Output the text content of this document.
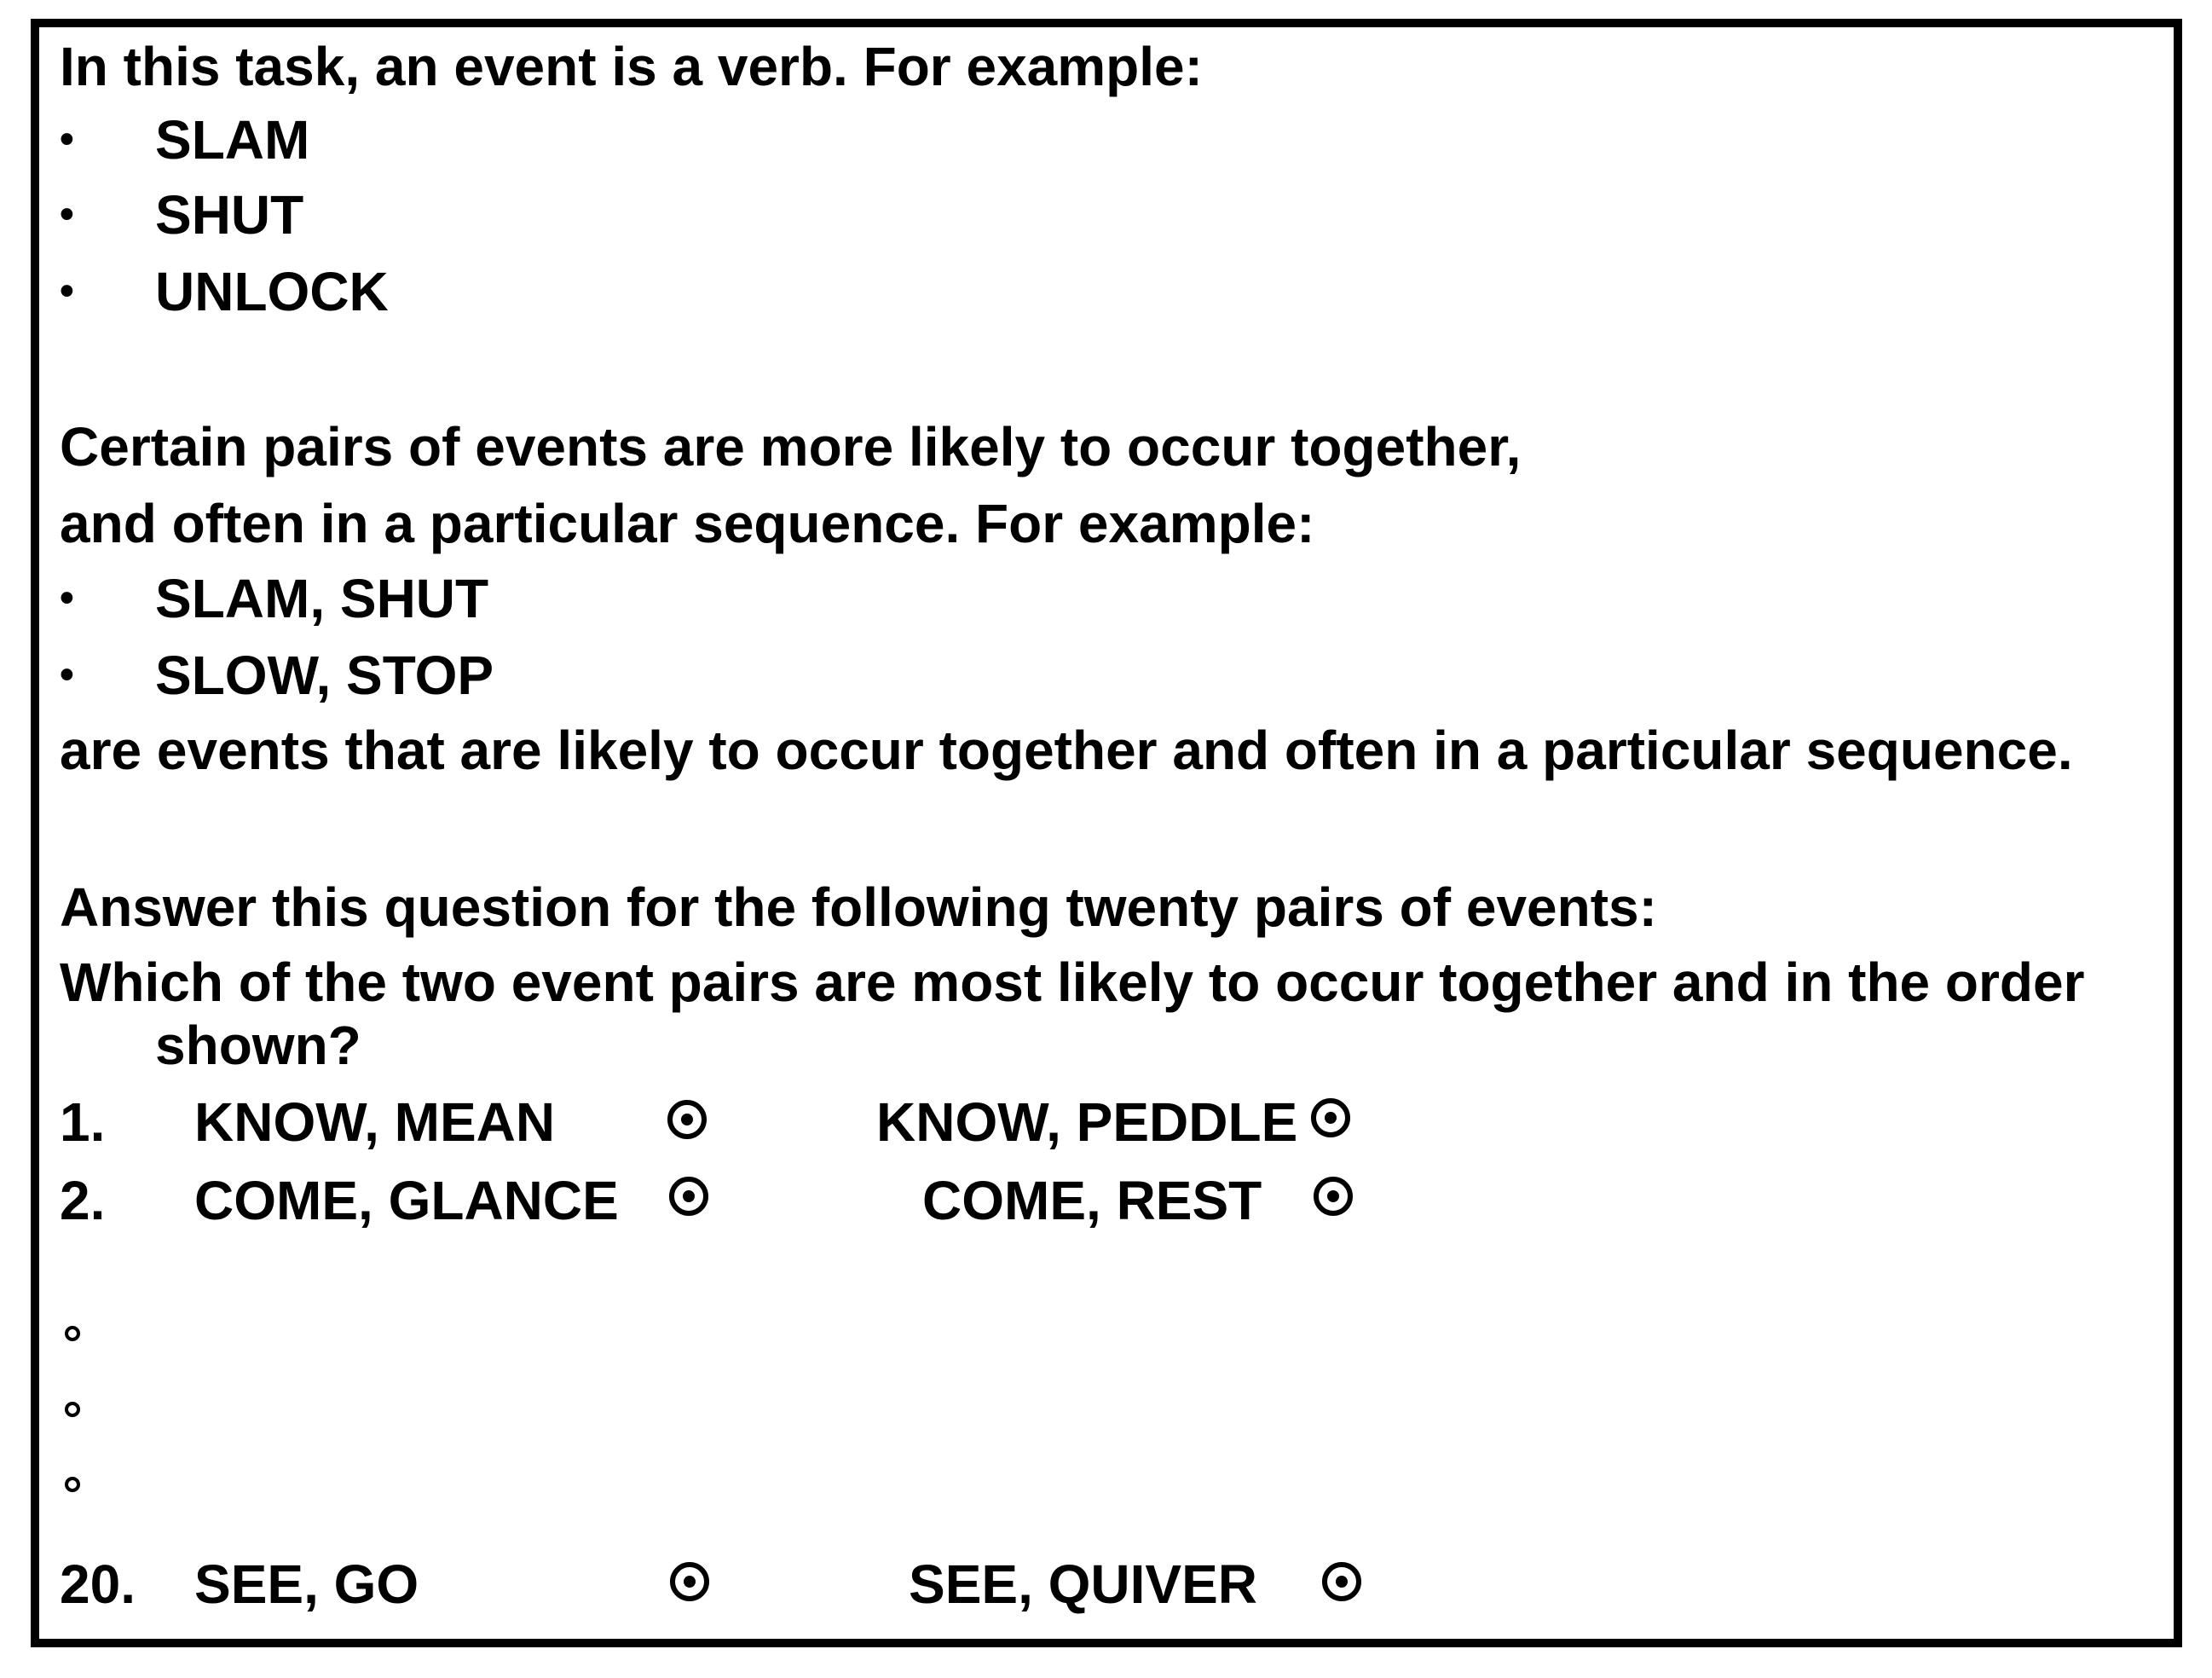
In this task, an event is a verb. For example:
• SLAM
• SHUT
• UNLOCK
Certain pairs of events are more likely to occur together,
and often in a particular sequence. For example:
• SLAM, SHUT
• SLOW, STOP
are events that are likely to occur together and often in a particular sequence.
Answer this question for the following twenty pairs of events:
Which of the two event pairs are most likely to occur together and in the order
shown?
1. KNOW, MEAN	KNOW, PEDDLE
2. COME, GLANCE	COME, REST
20. SEE, GO	SEE, QUIVER
